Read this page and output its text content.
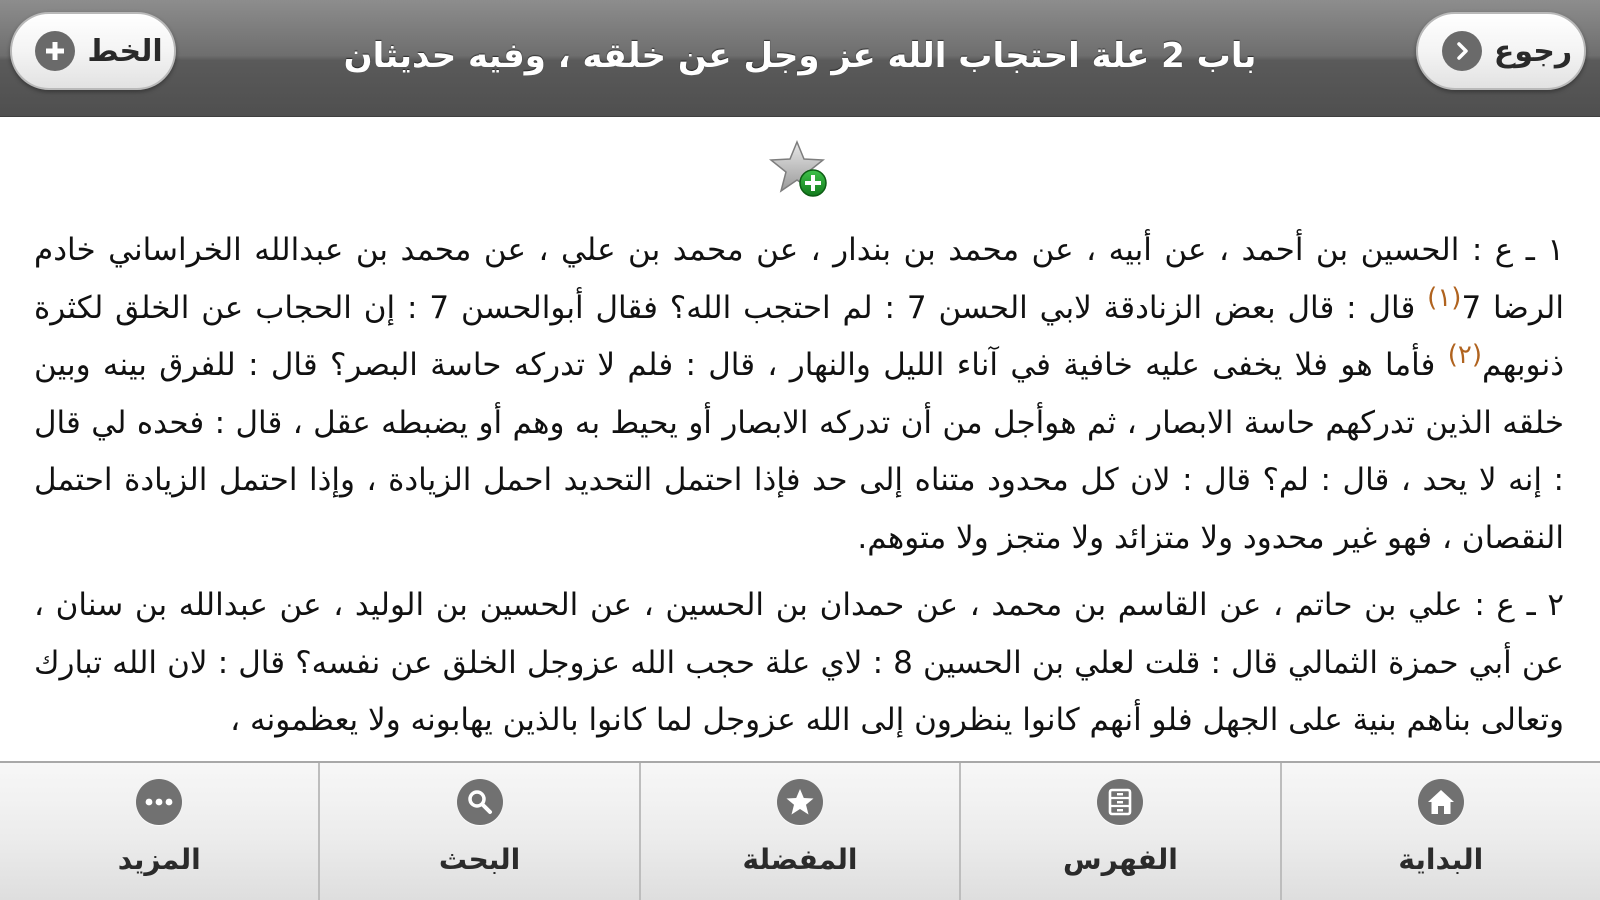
الخط	باب 2 علة احتجاب الله عز وجل عن خلقه ، وفيه حديثان	رجوع

١ ـ ع : الحسين بن أحمد ، عن أبيه ، عن محمد بن بندار ، عن محمد بن علي ، عن محمد بن عبدالله الخراساني خادم الرضا 7$^{(١)}$ قال : قال بعض الزنادقة لابي الحسن 7 : لم احتجب الله؟ فقال أبوالحسن 7 : إن الحجاب عن الخلق لكثرة ذنوبهم$^{(٢)}$ فأما هو فلا يخفى عليه خافية في آناء الليل والنهار ، قال : فلم لا تدركه حاسة البصر؟ قال : للفرق بينه وبين خلقه الذين تدركهم حاسة الابصار ، ثم هوأجل من أن تدركه الابصار أو يحيط به وهم أو يضبطه عقل ، قال : فحده لي قال : إنه لا يحد ، قال : لم؟ قال : لان كل محدود متناه إلى حد فإذا احتمل التحديد احمل الزيادة ، وإذا احتمل الزيادة احتمل النقصان ، فهو غير محدود ولا متزائد ولا متجز ولا متوهم.

٢ ـ ع : علي بن حاتم ، عن القاسم بن محمد ، عن حمدان بن الحسين ، عن الحسين بن الوليد ، عن عبدالله بن سنان ، عن أبي حمزة الثمالي قال : قلت لعلي بن الحسين 8 : لاي علة حجب الله عزوجل الخلق عن نفسه؟ قال : لان الله تبارك وتعالى بناهم بنية على الجهل فلو أنهم كانوا ينظرون إلى الله عزوجل لما كانوا بالذين يهابونه ولا يعظمونه ،

المزيد	البحث	المفضلة	الفهرس	البداية
